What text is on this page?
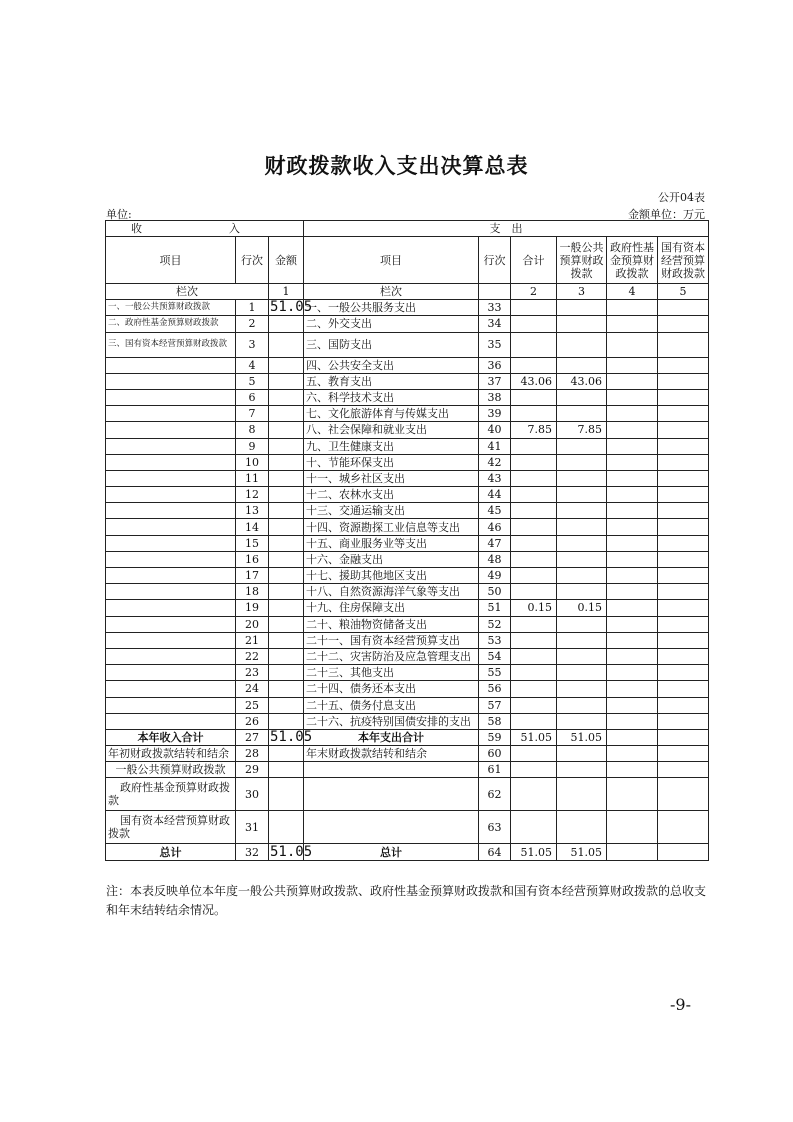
财政拨款收入支出决算总表
公开04表
单位:	金额单位：万元
收　入			支　出					
项目	行次	金额	项目	行次	合计	一般公共预算财政拨款	政府性基金预算财政拨款	国有资本经营预算财政拨款
栏次		1	栏次		2	3	4	5
一、一般公共预算财政拨款	1	51.05	一、一般公共服务支出	33				
二、政府性基金预算财政拨款	2		二、外交支出	34				
三、国有资本经营预算财政拨款	3		三、国防支出	35				
	4		四、公共安全支出	36				
	5		五、教育支出	37	43.06	43.06		
	6		六、科学技术支出	38				
	7		七、文化旅游体育与传媒支出	39				
	8		八、社会保障和就业支出	40	7.85	7.85		
	9		九、卫生健康支出	41				
	10		十、节能环保支出	42				
	11		十一、城乡社区支出	43				
	12		十二、农林水支出	44				
	13		十三、交通运输支出	45				
	14		十四、资源勘探工业信息等支出	46				
	15		十五、商业服务业等支出	47				
	16		十六、金融支出	48				
	17		十七、援助其他地区支出	49				
	18		十八、自然资源海洋气象等支出	50				
	19		十九、住房保障支出	51	0.15	0.15		
	20		二十、粮油物资储备支出	52				
	21		二十一、国有资本经营预算支出	53				
	22		二十二、灾害防治及应急管理支出	54				
	23		二十三、其他支出	55				
	24		二十四、债务还本支出	56				
	25		二十五、债务付息支出	57				
	26		二十六、抗疫特别国债安排的支出	58				
本年收入合计	27	51.05	本年支出合计	59	51.05	51.05		
年初财政拨款结转和结余	28		年末财政拨款结转和结余	60				
一般公共预算财政拨款	29			61				
政府性基金预算财政拨款	30			62				
国有资本经营预算财政拨款	31			63				
总计	32	51.05	总计	64	51.05	51.05		
注：本表反映单位本年度一般公共预算财政拨款、政府性基金预算财政拨款和国有资本经营预算财政拨款的总收支和年末结转结余情况。
-9-
